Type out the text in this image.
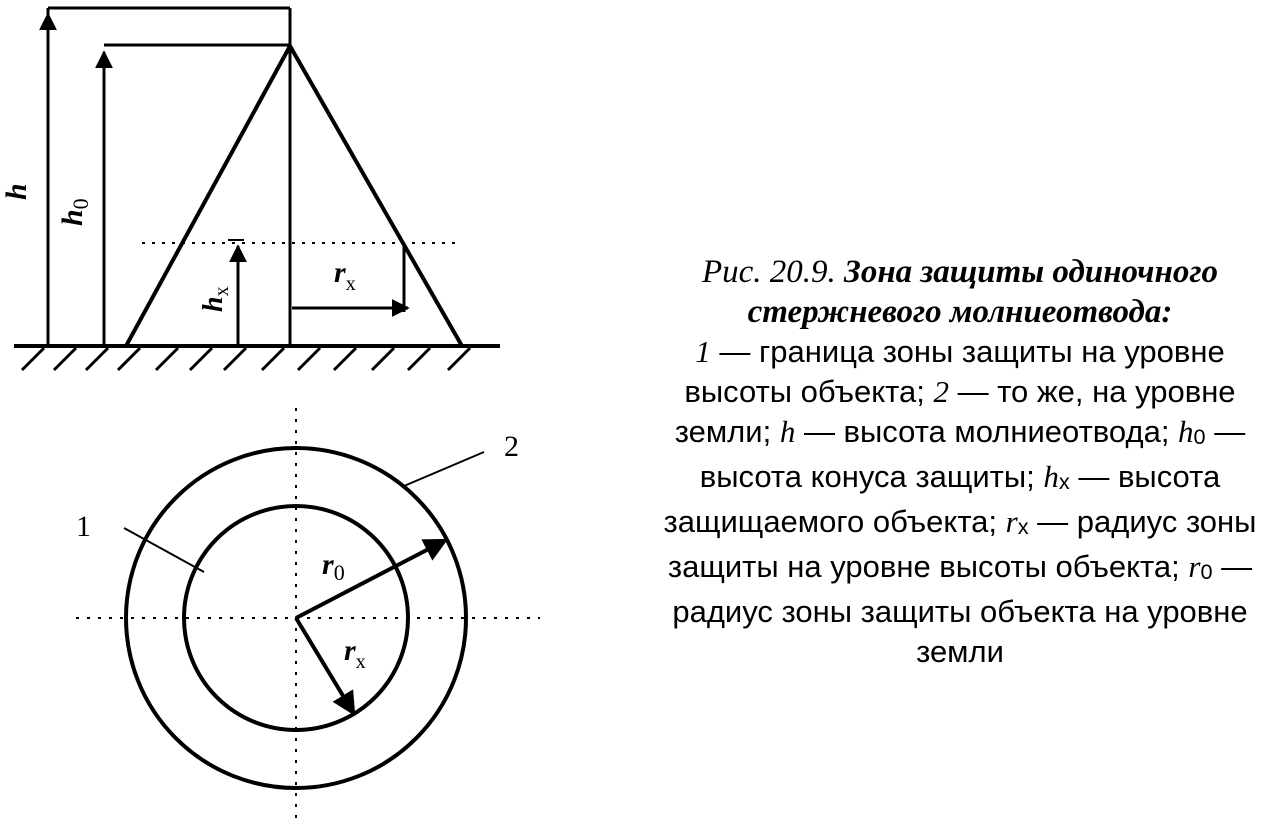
h
$h_0$
$h_x$
$r_x$
$r_0$
$r_x$
1
2
Рис. 20.9. Зона защиты одиночного
стержневого молниеотвода:
1 — граница зоны защиты на уровне высоты объекта; 2 — то же, на уровне земли; h — высота молниеотвода; $h_0$ — высота конуса защиты; $h_x$ — высота защищаемого объекта; $r_x$ — радиус зоны защиты на уровне высоты объекта; $r_0$ — радиус зоны защиты объекта на уровне земли
